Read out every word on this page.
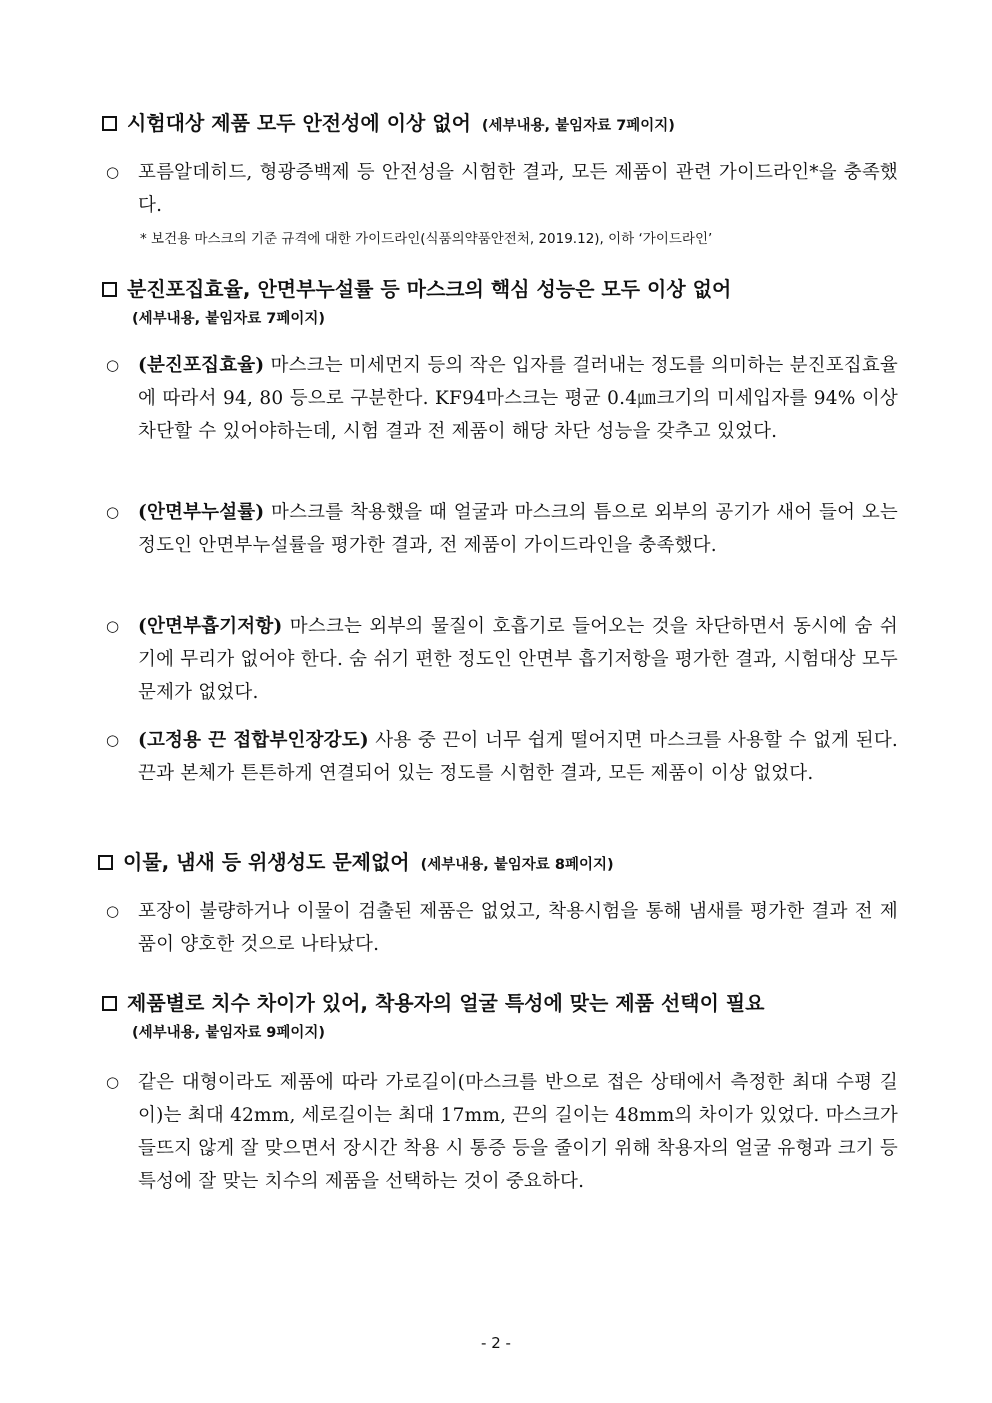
시험대상 제품 모두 안전성에 이상 없어 (세부내용, 붙임자료 7페이지)
○ 포름알데히드, 형광증백제 등 안전성을 시험한 결과, 모든 제품이 관련 가이드라인*을 충족했다.
* 보건용 마스크의 기준 규격에 대한 가이드라인(식품의약품안전처, 2019.12), 이하 ‘가이드라인’
분진포집효율, 안면부누설률 등 마스크의 핵심 성능은 모두 이상 없어
(세부내용, 붙임자료 7페이지)
○ (분진포집효율) 마스크는 미세먼지 등의 작은 입자를 걸러내는 정도를 의미하는 분진포집효율에 따라서 94, 80 등으로 구분한다. KF94마스크는 평균 0.4㎛크기의 미세입자를 94% 이상 차단할 수 있어야하는데, 시험 결과 전 제품이 해당 차단 성능을 갖추고 있었다.
○ (안면부누설률) 마스크를 착용했을 때 얼굴과 마스크의 틈으로 외부의 공기가 새어 들어 오는 정도인 안면부누설률을 평가한 결과, 전 제품이 가이드라인을 충족했다.
○ (안면부흡기저항) 마스크는 외부의 물질이 호흡기로 들어오는 것을 차단하면서 동시에 숨 쉬기에 무리가 없어야 한다. 숨 쉬기 편한 정도인 안면부 흡기저항을 평가한 결과, 시험대상 모두 문제가 없었다.
○ (고정용 끈 접합부인장강도) 사용 중 끈이 너무 쉽게 떨어지면 마스크를 사용할 수 없게 된다. 끈과 본체가 튼튼하게 연결되어 있는 정도를 시험한 결과, 모든 제품이 이상 없었다.
이물, 냄새 등 위생성도 문제없어 (세부내용, 붙임자료 8페이지)
○ 포장이 불량하거나 이물이 검출된 제품은 없었고, 착용시험을 통해 냄새를 평가한 결과 전 제품이 양호한 것으로 나타났다.
제품별로 치수 차이가 있어, 착용자의 얼굴 특성에 맞는 제품 선택이 필요
(세부내용, 붙임자료 9페이지)
○ 같은 대형이라도 제품에 따라 가로길이(마스크를 반으로 접은 상태에서 측정한 최대 수평 길이)는 최대 42mm, 세로길이는 최대 17mm, 끈의 길이는 48mm의 차이가 있었다. 마스크가 들뜨지 않게 잘 맞으면서 장시간 착용 시 통증 등을 줄이기 위해 착용자의 얼굴 유형과 크기 등 특성에 잘 맞는 치수의 제품을 선택하는 것이 중요하다.
- 2 -
